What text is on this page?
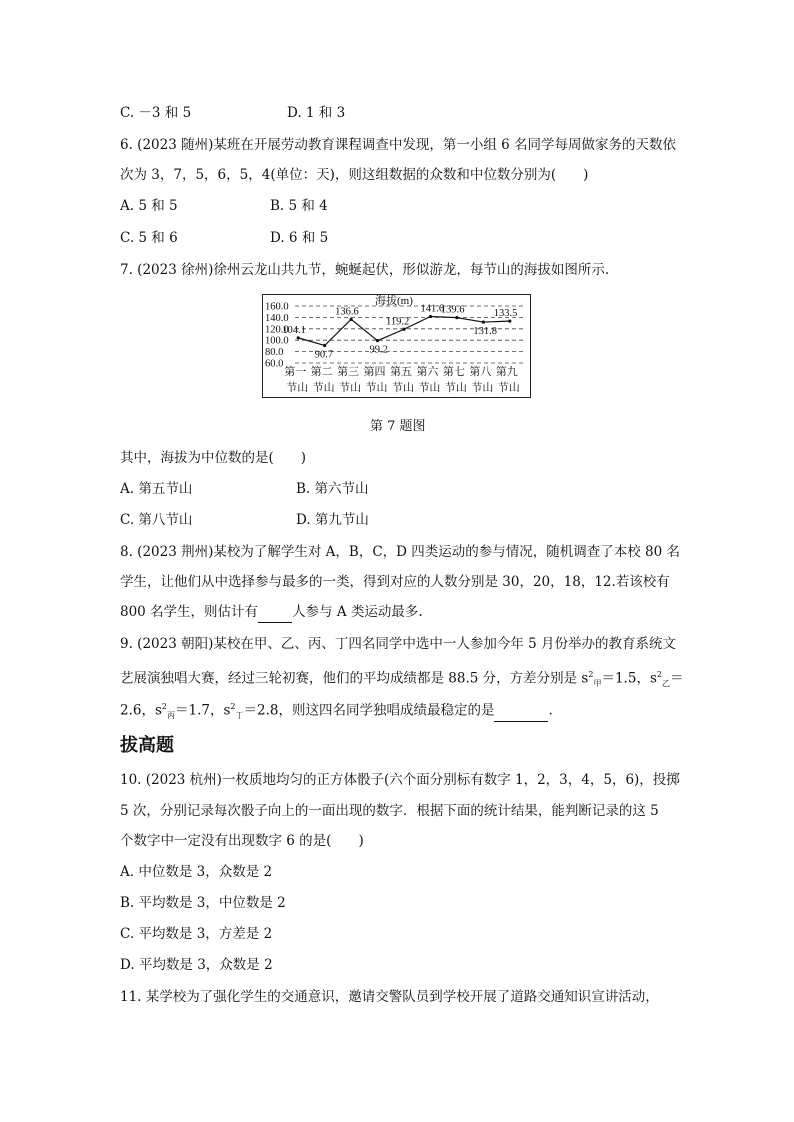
C. －3 和 5	D. 1 和 3
6. (2023 随州)某班在开展劳动教育课程调查中发现，第一小组 6 名同学每周做家务的天数依
次为 3，7，5，6，5，4(单位：天)，则这组数据的众数和中位数分别为(　　)
A. 5 和 5	B. 5 和 4
C. 5 和 6	D. 6 和 5
7. (2023 徐州)徐州云龙山共九节，蜿蜒起伏，形似游龙，每节山的海拔如图所示.
160.0
140.0
120.0
100.0
80.0
60.0
海拔(m)
104.1
90.7
136.6
99.2
119.2
141.6
139.6
131.8
133.5
第一 第二 第三 第四 第五 第六 第七 第八 第九
节山 节山 节山 节山 节山 节山 节山 节山 节山
第 7 题图
其中，海拔为中位数的是(　　)
A. 第五节山	B. 第六节山
C. 第八节山	D. 第九节山
8. (2023 荆州)某校为了解学生对 A，B，C，D 四类运动的参与情况，随机调查了本校 80 名
学生，让他们从中选择参与最多的一类，得到对应的人数分别是 30，20，18，12.若该校有
800 名学生，则估计有	人参与 A 类运动最多.
9. (2023 朝阳)某校在甲、乙、丙、丁四名同学中选中一人参加今年 5 月份举办的教育系统文
艺展演独唱大赛，经过三轮初赛，他们的平均成绩都是 88.5 分，方差分别是 $s^2_甲=1.5$，$s^2_乙=$
2.6，$s^2_丙=1.7$，$s^2_丁=2.8$，则这四名同学独唱成绩最稳定的是	.
拔高题
10. (2023 杭州)一枚质地均匀的正方体骰子(六个面分别标有数字 1，2，3，4，5，6)，投掷
5 次，分别记录每次骰子向上的一面出现的数字．根据下面的统计结果，能判断记录的这 5
个数字中一定没有出现数字 6 的是(　　)
A. 中位数是 3，众数是 2
B. 平均数是 3，中位数是 2
C. 平均数是 3，方差是 2
D. 平均数是 3，众数是 2
11. 某学校为了强化学生的交通意识，邀请交警队员到学校开展了道路交通知识宣讲活动，
